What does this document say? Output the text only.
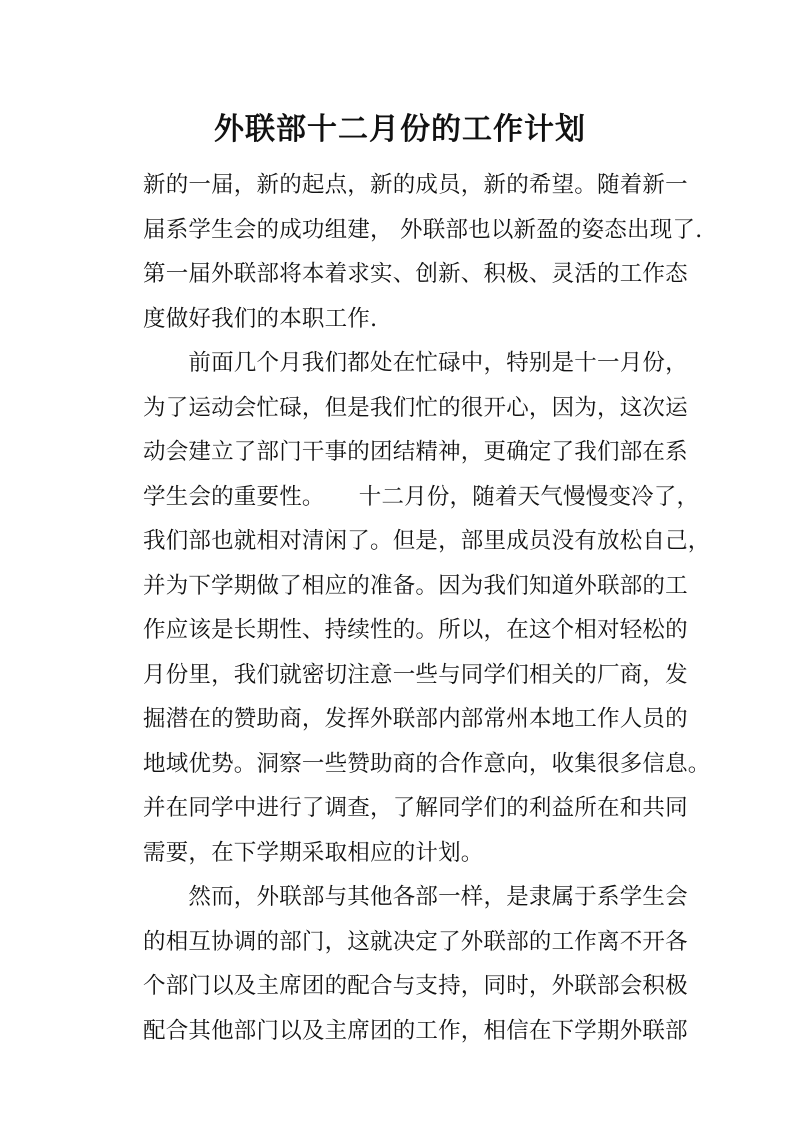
外联部十二月份的工作计划
新的一届，新的起点，新的成员，新的希望。随着新一
届系学生会的成功组建， 外联部也以新盈的姿态出现了.
第一届外联部将本着求实、创新、积极、灵活的工作态
度做好我们的本职工作.
　　前面几个月我们都处在忙碌中，特别是十一月份，
为了运动会忙碌，但是我们忙的很开心，因为，这次运
动会建立了部门干事的团结精神，更确定了我们部在系
学生会的重要性。　　十二月份，随着天气慢慢变冷了，
我们部也就相对清闲了。但是，部里成员没有放松自己，
并为下学期做了相应的准备。因为我们知道外联部的工
作应该是长期性、持续性的。所以，在这个相对轻松的
月份里，我们就密切注意一些与同学们相关的厂商，发
掘潜在的赞助商，发挥外联部内部常州本地工作人员的
地域优势。洞察一些赞助商的合作意向，收集很多信息。
并在同学中进行了调查，了解同学们的利益所在和共同
需要，在下学期采取相应的计划。
　　然而，外联部与其他各部一样，是隶属于系学生会
的相互协调的部门，这就决定了外联部的工作离不开各
个部门以及主席团的配合与支持，同时，外联部会积极
配合其他部门以及主席团的工作，相信在下学期外联部
